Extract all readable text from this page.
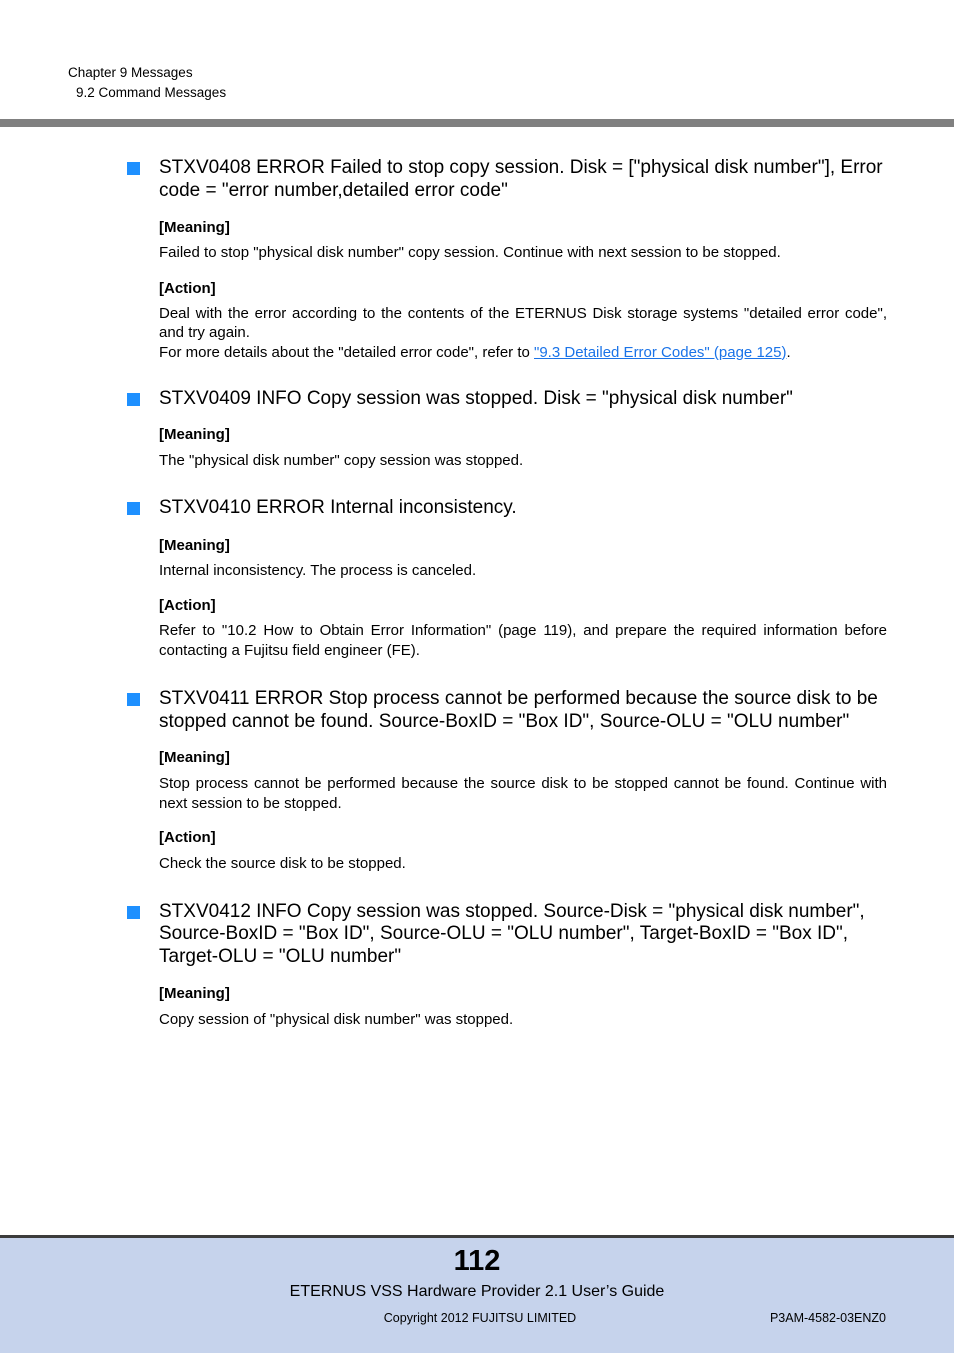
Chapter 9 Messages
9.2 Command Messages
STXV0408 ERROR Failed to stop copy session. Disk = ["physical disk number"], Error code = "error number,detailed error code"
[Meaning]
Failed to stop "physical disk number" copy session. Continue with next session to be stopped.
[Action]
Deal with the error according to the contents of the ETERNUS Disk storage systems "detailed error code", and try again.
For more details about the "detailed error code", refer to "9.3 Detailed Error Codes" (page 125).
STXV0409 INFO Copy session was stopped. Disk = "physical disk number"
[Meaning]
The "physical disk number" copy session was stopped.
STXV0410 ERROR Internal inconsistency.
[Meaning]
Internal inconsistency. The process is canceled.
[Action]
Refer to "10.2 How to Obtain Error Information" (page 119), and prepare the required information before contacting a Fujitsu field engineer (FE).
STXV0411 ERROR Stop process cannot be performed because the source disk to be stopped cannot be found. Source-BoxID = "Box ID", Source-OLU = "OLU number"
[Meaning]
Stop process cannot be performed because the source disk to be stopped cannot be found. Continue with next session to be stopped.
[Action]
Check the source disk to be stopped.
STXV0412 INFO Copy session was stopped. Source-Disk = "physical disk number", Source-BoxID = "Box ID", Source-OLU = "OLU number", Target-BoxID = "Box ID", Target-OLU = "OLU number"
[Meaning]
Copy session of "physical disk number" was stopped.
112
ETERNUS VSS Hardware Provider 2.1 User’s Guide
Copyright 2012 FUJITSU LIMITED	P3AM-4582-03ENZ0
